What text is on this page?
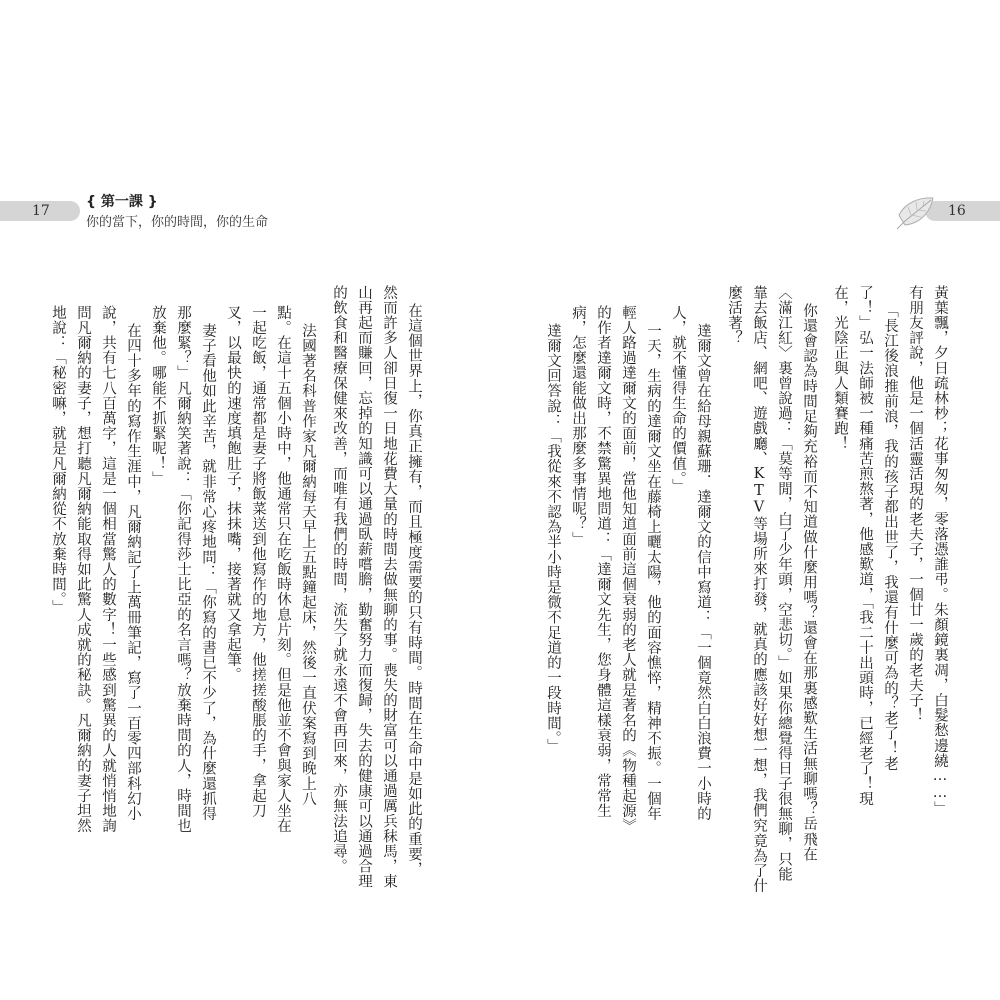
17	16
{ 第一課 }
你的當下，你的時間，你的生命
黃葉飄，夕日疏林杪；花事匆匆，零落憑誰弔。朱顏鏡裏凋，白髮愁邊繞……」
有朋友評說，他是一個活靈活現的老夫子，一個廿一歲的老夫子！
「長江後浪推前浪，我的孩子都出世了，我還有什麼可為的？老了！老
了！」弘一法師被一種痛苦煎熬著，他感歎道，「我二十出頭時，已經老了！現
在，光陰正與人類賽跑！
你還會認為時間足夠充裕而不知道做什麼用嗎？還會在那裏感歎生活無聊嗎？岳飛在
〈滿江紅〉裏曾說過：「莫等閒，白了少年頭，空悲切。」如果你總覺得日子很無聊，只能
靠去飯店、網吧、遊戲廳、KTV等場所來打發，就真的應該好好想一想，我們究竟為了什
麼活著？
達爾文曾在給母親蘇珊．達爾文的信中寫道：「一個竟然白白浪費一小時的
人，就不懂得生命的價值。」
一天，生病的達爾文坐在藤椅上曬太陽，他的面容憔悴，精神不振。一個年
輕人路過達爾文的面前，當他知道面前這個衰弱的老人就是著名的《物種起源》
的作者達爾文時，不禁驚異地問道：「達爾文先生，您身體這樣衰弱，常常生
病，怎麼還能做出那麼多事情呢？」
達爾文回答說：「我從來不認為半小時是微不足道的一段時間。」
在這個世界上，你真正擁有，而且極度需要的只有時間。時間在生命中是如此的重要，
然而許多人卻日復一日地花費大量的時間去做無聊的事。喪失的財富可以通過厲兵秣馬，東
山再起而賺回，忘掉的知識可以通過臥薪嚐膽，勤奮努力而復歸，失去的健康可以通過合理
的飲食和醫療保健來改善，而唯有我們的時間，流失了就永遠不會再回來，亦無法追尋。
法國著名科普作家凡爾納每天早上五點鐘起床，然後一直伏案寫到晚上八
點。在這十五個小時中，他通常只在吃飯時休息片刻。但是他並不會與家人坐在
一起吃飯，通常都是妻子將飯菜送到他寫作的地方，他搓搓酸脹的手，拿起刀
叉，以最快的速度填飽肚子，抹抹嘴，接著就又拿起筆。
妻子看他如此辛苦，就非常心疼地問：「你寫的書已不少了，為什麼還抓得
那麼緊？」凡爾納笑著說：「你記得莎士比亞的名言嗎？放棄時間的人，時間也
放棄他。哪能不抓緊呢！」
在四十多年的寫作生涯中，凡爾納記了上萬冊筆記，寫了一百零四部科幻小
說，共有七八百萬字，這是一個相當驚人的數字！一些感到驚異的人就悄悄地詢
問凡爾納的妻子，想打聽凡爾納能取得如此驚人成就的秘訣。凡爾納的妻子坦然
地說：「秘密嘛，就是凡爾納從不放棄時間。」
